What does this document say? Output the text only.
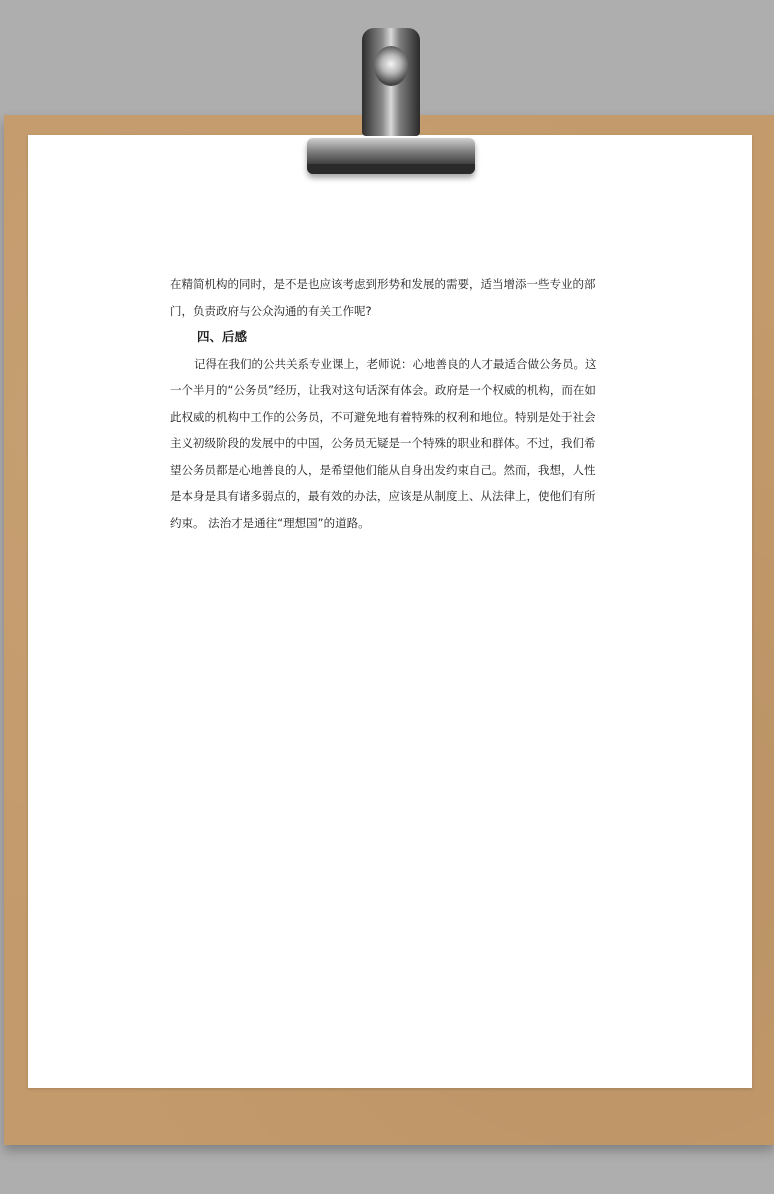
在精简机构的同时，是不是也应该考虑到形势和发展的需要，适当增添一些专业的部门，负责政府与公众沟通的有关工作呢?

四、后感

记得在我们的公共关系专业课上，老师说：心地善良的人才最适合做公务员。这 一个半月的“公务员”经历，让我对这句话深有体会。政府是一个权威的机构，而在如此权威的机构中工作的公务员，不可避免地有着特殊的权利和地位。特别是处于社会主义初级阶段的发展中的中国，公务员无疑是一个特殊的职业和群体。不过，我们希望公务员都是心地善良的人，是希望他们能从自身出发约束自己。然而，我想，人性是本身是具有诸多弱点的，最有效的办法，应该是从制度上、从法律上，使他们有所约束。 法治才是通往“理想国”的道路。
